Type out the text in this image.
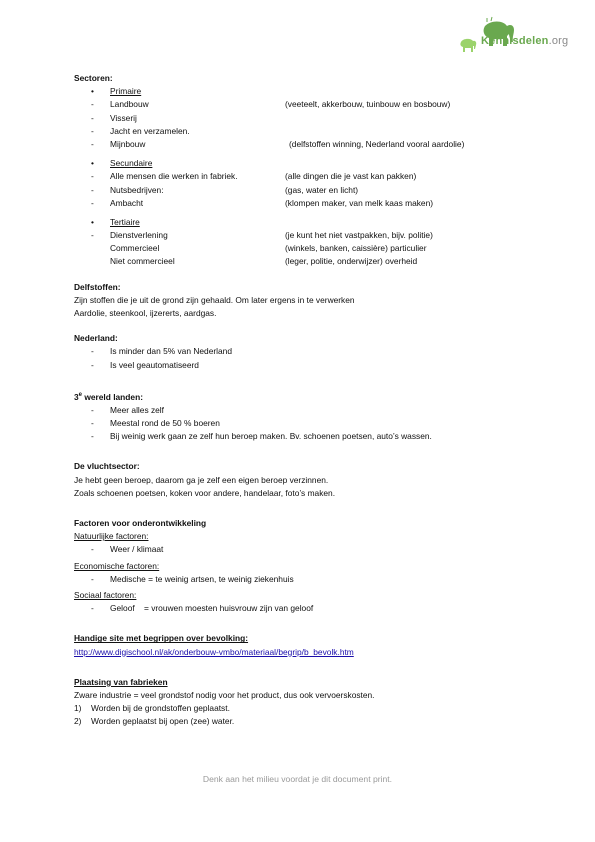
Kennisdelen.org
Sectoren:
• Primaire
- Landbouw	(veeteelt, akkerbouw, tuinbouw en bosbouw)
- Visserij
- Jacht en verzamelen.
- Mijnbouw	(delfstoffen winning, Nederland vooral aardolie)
• Secundaire
- Alle mensen die werken in fabriek.	(alle dingen die je vast kan pakken)
- Nutsbedrijven:	(gas, water en licht)
- Ambacht	(klompen maker, van melk kaas maken)
• Tertiaire
- Dienstverlening	(je kunt het niet vastpakken, bijv. politie)
Commercieel	(winkels, banken, caissière) particulier
Niet commercieel	(leger, politie, onderwijzer) overheid
Delfstoffen:
Zijn stoffen die je uit de grond zijn gehaald. Om later ergens in te verwerken
Aardolie, steenkool, ijzererts, aardgas.
Nederland:
- Is minder dan 5% van Nederland
- Is veel geautomatiseerd
3e wereld landen:
- Meer alles zelf
- Meestal rond de 50 % boeren
- Bij weinig werk gaan ze zelf hun beroep maken. Bv. schoenen poetsen, auto’s wassen.
De vluchtsector:
Je hebt geen beroep, daarom ga je zelf een eigen beroep verzinnen.
Zoals schoenen poetsen, koken voor andere, handelaar, foto’s maken.
Factoren voor onderontwikkeling
Natuurlijke factoren:
- Weer / klimaat
Economische factoren:
- Medische = te weinig artsen, te weinig ziekenhuis
Sociaal factoren:
- Geloof    = vrouwen moesten huisvrouw zijn van geloof
Handige site met begrippen over bevolking:
http://www.digischool.nl/ak/onderbouw-vmbo/materiaal/begrip/b_bevolk.htm
Plaatsing van fabrieken
Zware industrie = veel grondstof nodig voor het product, dus ook vervoerskosten.
1) Worden bij de grondstoffen geplaatst.
2) Worden geplaatst bij open (zee) water.
Denk aan het milieu voordat je dit document print.
